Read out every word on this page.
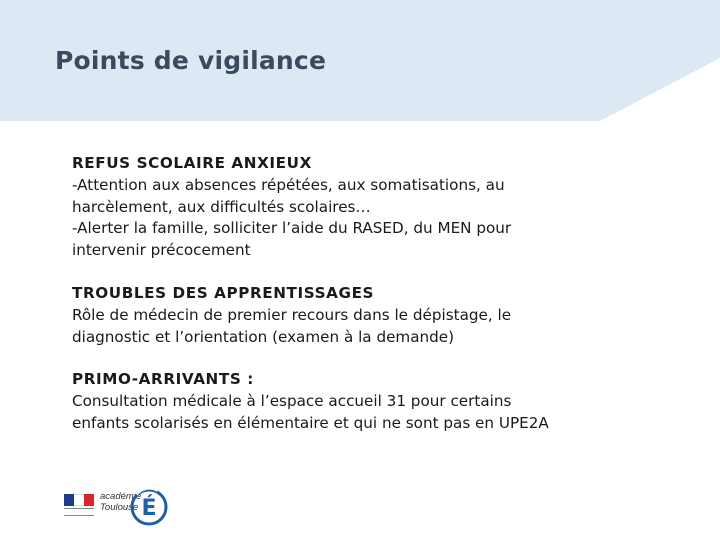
Points de vigilance

REFUS SCOLAIRE ANXIEUX

-Attention aux absences répétées, aux somatisations, au

harcèlement, aux difficultés scolaires…

-Alerter la famille, solliciter l’aide du RASED, du MEN pour

intervenir précocement

TROUBLES DES APPRENTISSAGES

Rôle de médecin de premier recours dans le dépistage, le

diagnostic et l’orientation (examen à la demande)

PRIMO-ARRIVANTS :

Consultation médicale à l’espace accueil 31 pour certains

enfants scolarisés en élémentaire et qui ne sont pas en UPE2A

académie
Toulouse É
